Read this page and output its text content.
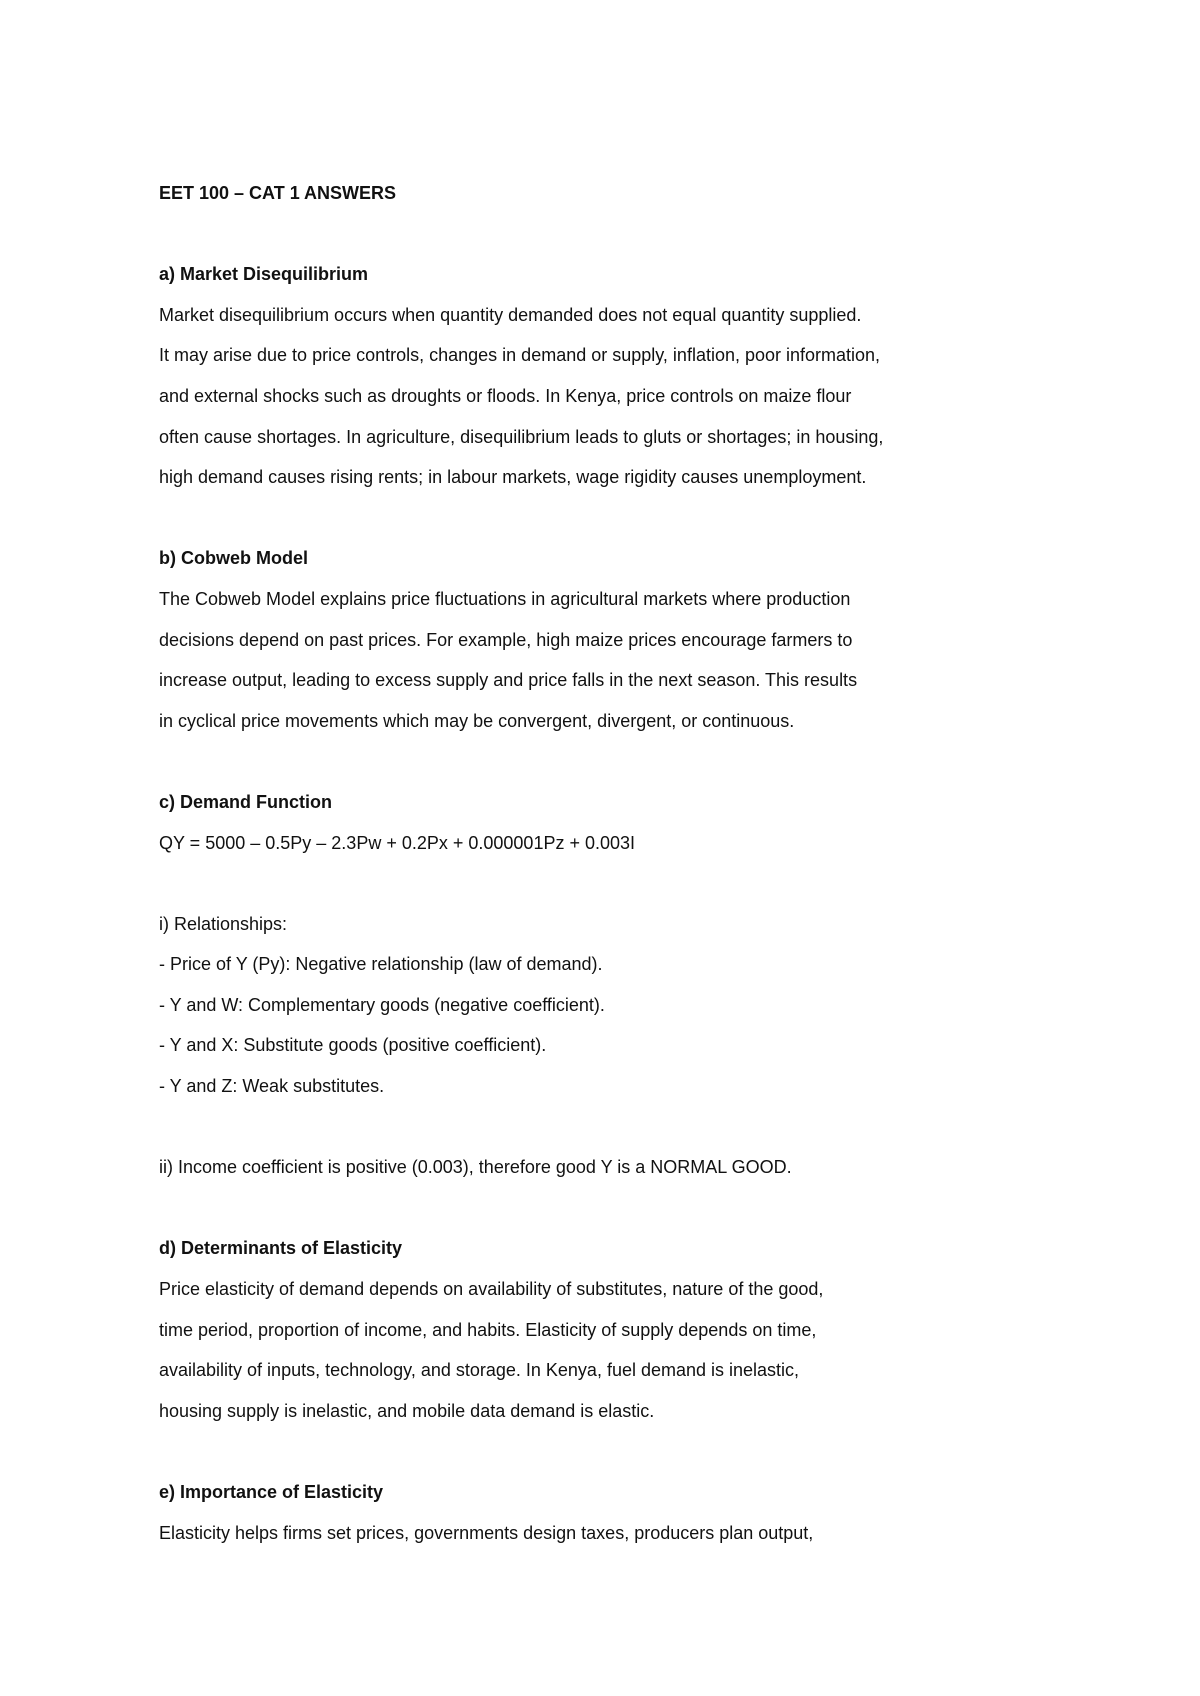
EET 100 – CAT 1 ANSWERS
a) Market Disequilibrium
Market disequilibrium occurs when quantity demanded does not equal quantity supplied.
It may arise due to price controls, changes in demand or supply, inflation, poor information,
and external shocks such as droughts or floods. In Kenya, price controls on maize flour
often cause shortages. In agriculture, disequilibrium leads to gluts or shortages; in housing,
high demand causes rising rents; in labour markets, wage rigidity causes unemployment.
b) Cobweb Model
The Cobweb Model explains price fluctuations in agricultural markets where production
decisions depend on past prices. For example, high maize prices encourage farmers to
increase output, leading to excess supply and price falls in the next season. This results
in cyclical price movements which may be convergent, divergent, or continuous.
c) Demand Function
QY = 5000 – 0.5Py – 2.3Pw + 0.2Px + 0.000001Pz + 0.003I
i) Relationships:
- Price of Y (Py): Negative relationship (law of demand).
- Y and W: Complementary goods (negative coefficient).
- Y and X: Substitute goods (positive coefficient).
- Y and Z: Weak substitutes.
ii) Income coefficient is positive (0.003), therefore good Y is a NORMAL GOOD.
d) Determinants of Elasticity
Price elasticity of demand depends on availability of substitutes, nature of the good,
time period, proportion of income, and habits. Elasticity of supply depends on time,
availability of inputs, technology, and storage. In Kenya, fuel demand is inelastic,
housing supply is inelastic, and mobile data demand is elastic.
e) Importance of Elasticity
Elasticity helps firms set prices, governments design taxes, producers plan output,
